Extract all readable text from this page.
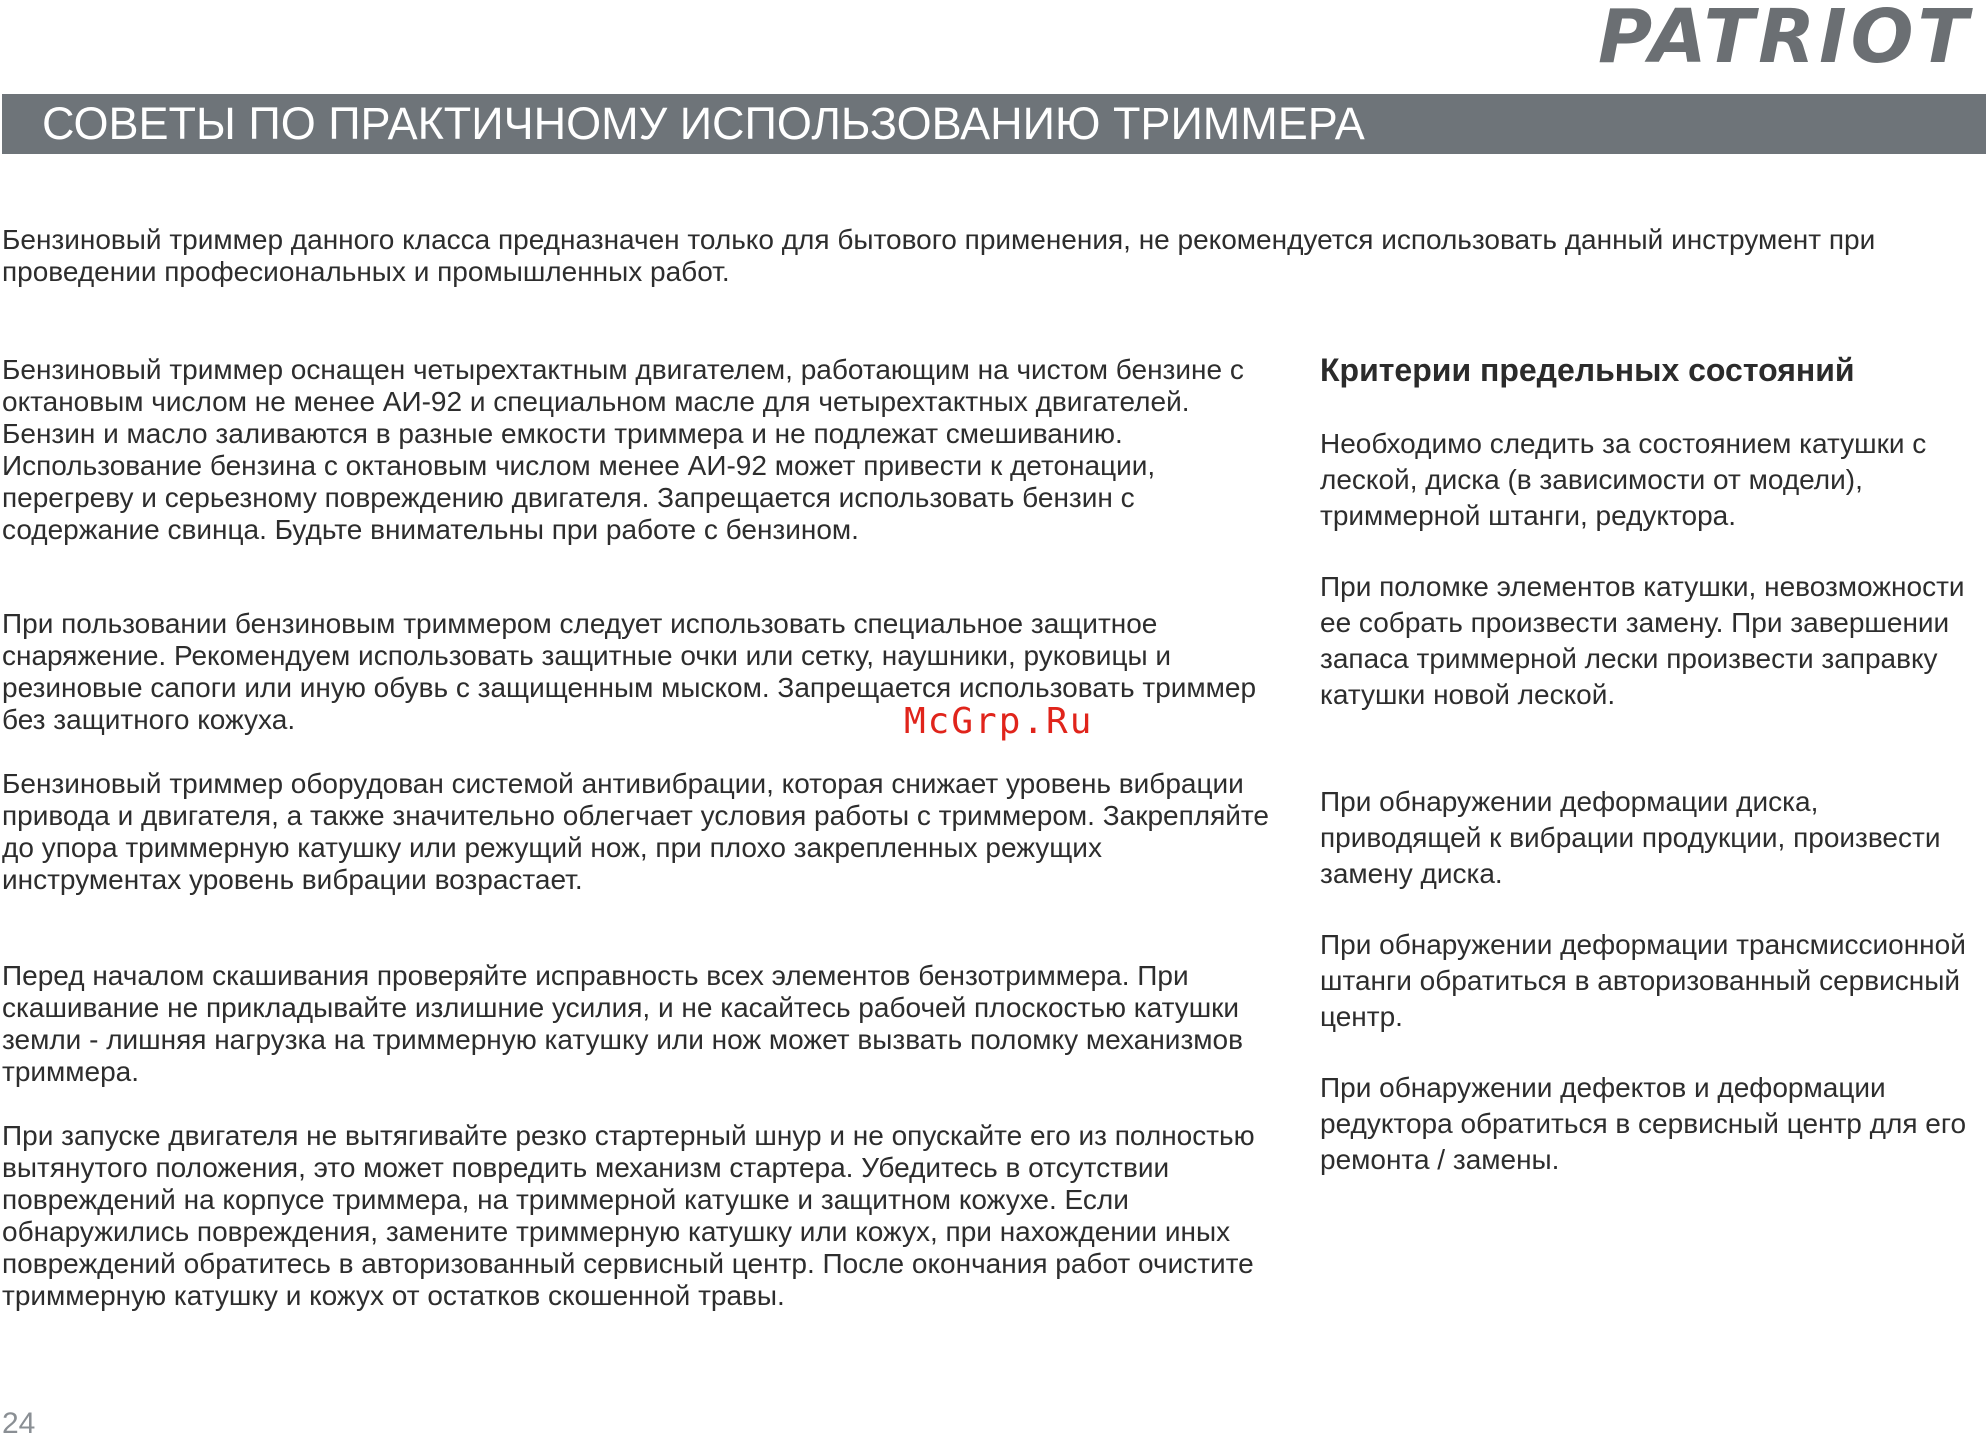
PATRIOT
СОВЕТЫ ПО ПРАКТИЧНОМУ ИСПОЛЬЗОВАНИЮ ТРИММЕРА

Бензиновый триммер данного класса предназначен только для бытового применения, не рекомендуется использовать данный инструмент при проведении професиональных и промышленных работ.

Бензиновый триммер оснащен четырехтактным двигателем, работающим на чистом бензине с октановым числом не менее АИ-92 и специальном масле для четырехтактных двигателей. Бензин и масло заливаются в разные емкости триммера и не подлежат смешиванию. Использование бензина с октановым числом менее АИ-92 может привести к детонации, перегреву и серьезному повреждению двигателя. Запрещается использовать бензин с содержание свинца. Будьте внимательны при работе с бензином.

При пользовании бензиновым триммером следует использовать специальное защитное снаряжение. Рекомендуем использовать защитные очки или сетку, наушники, руковицы и резиновые сапоги или иную обувь с защищенным мыском. Запрещается использовать триммер без защитного кожуха.

Бензиновый триммер оборудован системой антивибрации, которая снижает уровень вибрации привода и двигателя, а также значительно облегчает условия работы с триммером. Закрепляйте до упора триммерную катушку или режущий нож, при плохо закрепленных режущих инструментах уровень вибрации возрастает.

Перед началом скашивания проверяйте исправность всех элементов бензотриммера. При скашивание не прикладывайте излишние усилия, и не касайтесь рабочей плоскостью катушки земли - лишняя нагрузка на триммерную катушку или нож может вызвать поломку механизмов триммера.

При запуске двигателя не вытягивайте резко стартерный шнур и не опускайте его из полностью вытянутого положения, это может повредить механизм стартера. Убедитесь в отсутствии повреждений на корпусе триммера, на триммерной катушке и защитном кожухе. Если обнаружились повреждения, замените триммерную катушку или кожух, при нахождении иных повреждений обратитесь в авторизованный сервисный центр. После окончания работ очистите триммерную катушку и кожух от остатков скошенной травы.

Критерии предельных состояний

Необходимо следить за состоянием катушки с леской, диска (в зависимости от модели), триммерной штанги, редуктора.

При поломке элементов катушки, невозможности ее собрать произвести замену. При завершении запаса триммерной лески произвести заправку катушки новой леской.

При обнаружении деформации диска, приводящей к вибрации продукции, произвести замену диска.

При обнаружении деформации трансмиссионной штанги обратиться в авторизованный сервисный центр.

При обнаружении дефектов и деформации редуктора обратиться в сервисный центр для его ремонта / замены.

McGrp.Ru
24
